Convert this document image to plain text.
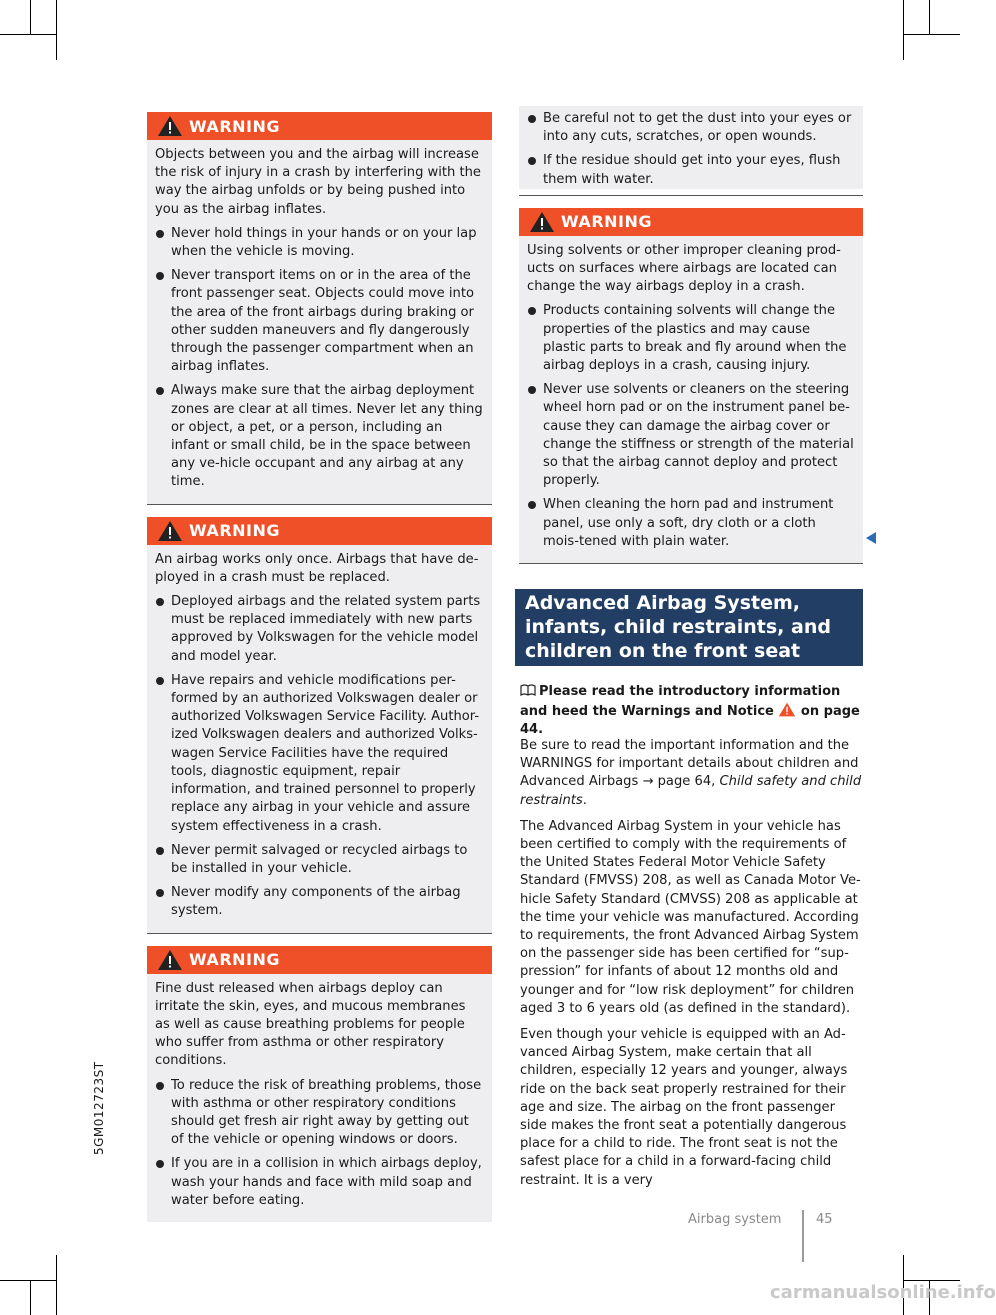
5GM012723ST
WARNING

Objects between you and the airbag will increase the risk of injury in a crash by interfering with the way the airbag unfolds or by being pushed into you as the airbag inflates.

Never hold things in your hands or on your lap when the vehicle is moving.
Never transport items on or in the area of the front passenger seat. Objects could move into the area of the front airbags during braking or other sudden maneuvers and fly dangerously through the passenger compartment when an airbag inflates.
Always make sure that the airbag deployment zones are clear at all times. Never let any thing or object, a pet, or a person, including an infant or small child, be in the space between any ve-hicle occupant and any airbag at any time.
WARNING

An airbag works only once. Airbags that have de-ployed in a crash must be replaced.

Deployed airbags and the related system parts must be replaced immediately with new parts approved by Volkswagen for the vehicle model and model year.
Have repairs and vehicle modifications per-formed by an authorized Volkswagen dealer or authorized Volkswagen Service Facility. Author-ized Volkswagen dealers and authorized Volks-wagen Service Facilities have the required tools, diagnostic equipment, repair information, and trained personnel to properly replace any airbag in your vehicle and assure system effectiveness in a crash.
Never permit salvaged or recycled airbags to be installed in your vehicle.
Never modify any components of the airbag system.
WARNING

Fine dust released when airbags deploy can irritate the skin, eyes, and mucous membranes as well as cause breathing problems for people who suffer from asthma or other respiratory conditions.

To reduce the risk of breathing problems, those with asthma or other respiratory conditions should get fresh air right away by getting out of the vehicle or opening windows or doors.
If you are in a collision in which airbags deploy, wash your hands and face with mild soap and water before eating.
Be careful not to get the dust into your eyes or into any cuts, scratches, or open wounds.
If the residue should get into your eyes, flush them with water.
WARNING

Using solvents or other improper cleaning prod-ucts on surfaces where airbags are located can change the way airbags deploy in a crash.

Products containing solvents will change the properties of the plastics and may cause plastic parts to break and fly around when the airbag deploys in a crash, causing injury.
Never use solvents or cleaners on the steering wheel horn pad or on the instrument panel be-cause they can damage the airbag cover or change the stiffness or strength of the material so that the airbag cannot deploy and protect properly.
When cleaning the horn pad and instrument panel, use only a soft, dry cloth or a cloth mois-tened with plain water.
Advanced Airbag System, infants, child restraints, and children on the front seat
Please read the introductory information and heed the Warnings and Notice on page 44.

Be sure to read the important information and the WARNINGS for important details about children and Advanced Airbags → page 64, Child safety and child restraints.

The Advanced Airbag System in your vehicle has been certified to comply with the requirements of the United States Federal Motor Vehicle Safety Standard (FMVSS) 208, as well as Canada Motor Ve-hicle Safety Standard (CMVSS) 208 as applicable at the time your vehicle was manufactured. According to requirements, the front Advanced Airbag System on the passenger side has been certified for “sup-pression” for infants of about 12 months old and younger and for “low risk deployment” for children aged 3 to 6 years old (as defined in the standard).

Even though your vehicle is equipped with an Ad-vanced Airbag System, make certain that all children, especially 12 years and younger, always ride on the back seat properly restrained for their age and size. The airbag on the front passenger side makes the front seat a potentially dangerous place for a child to ride. The front seat is not the safest place for a child in a forward-facing child restraint. It is a very

Airbag system	45
carmanualsonline.info
